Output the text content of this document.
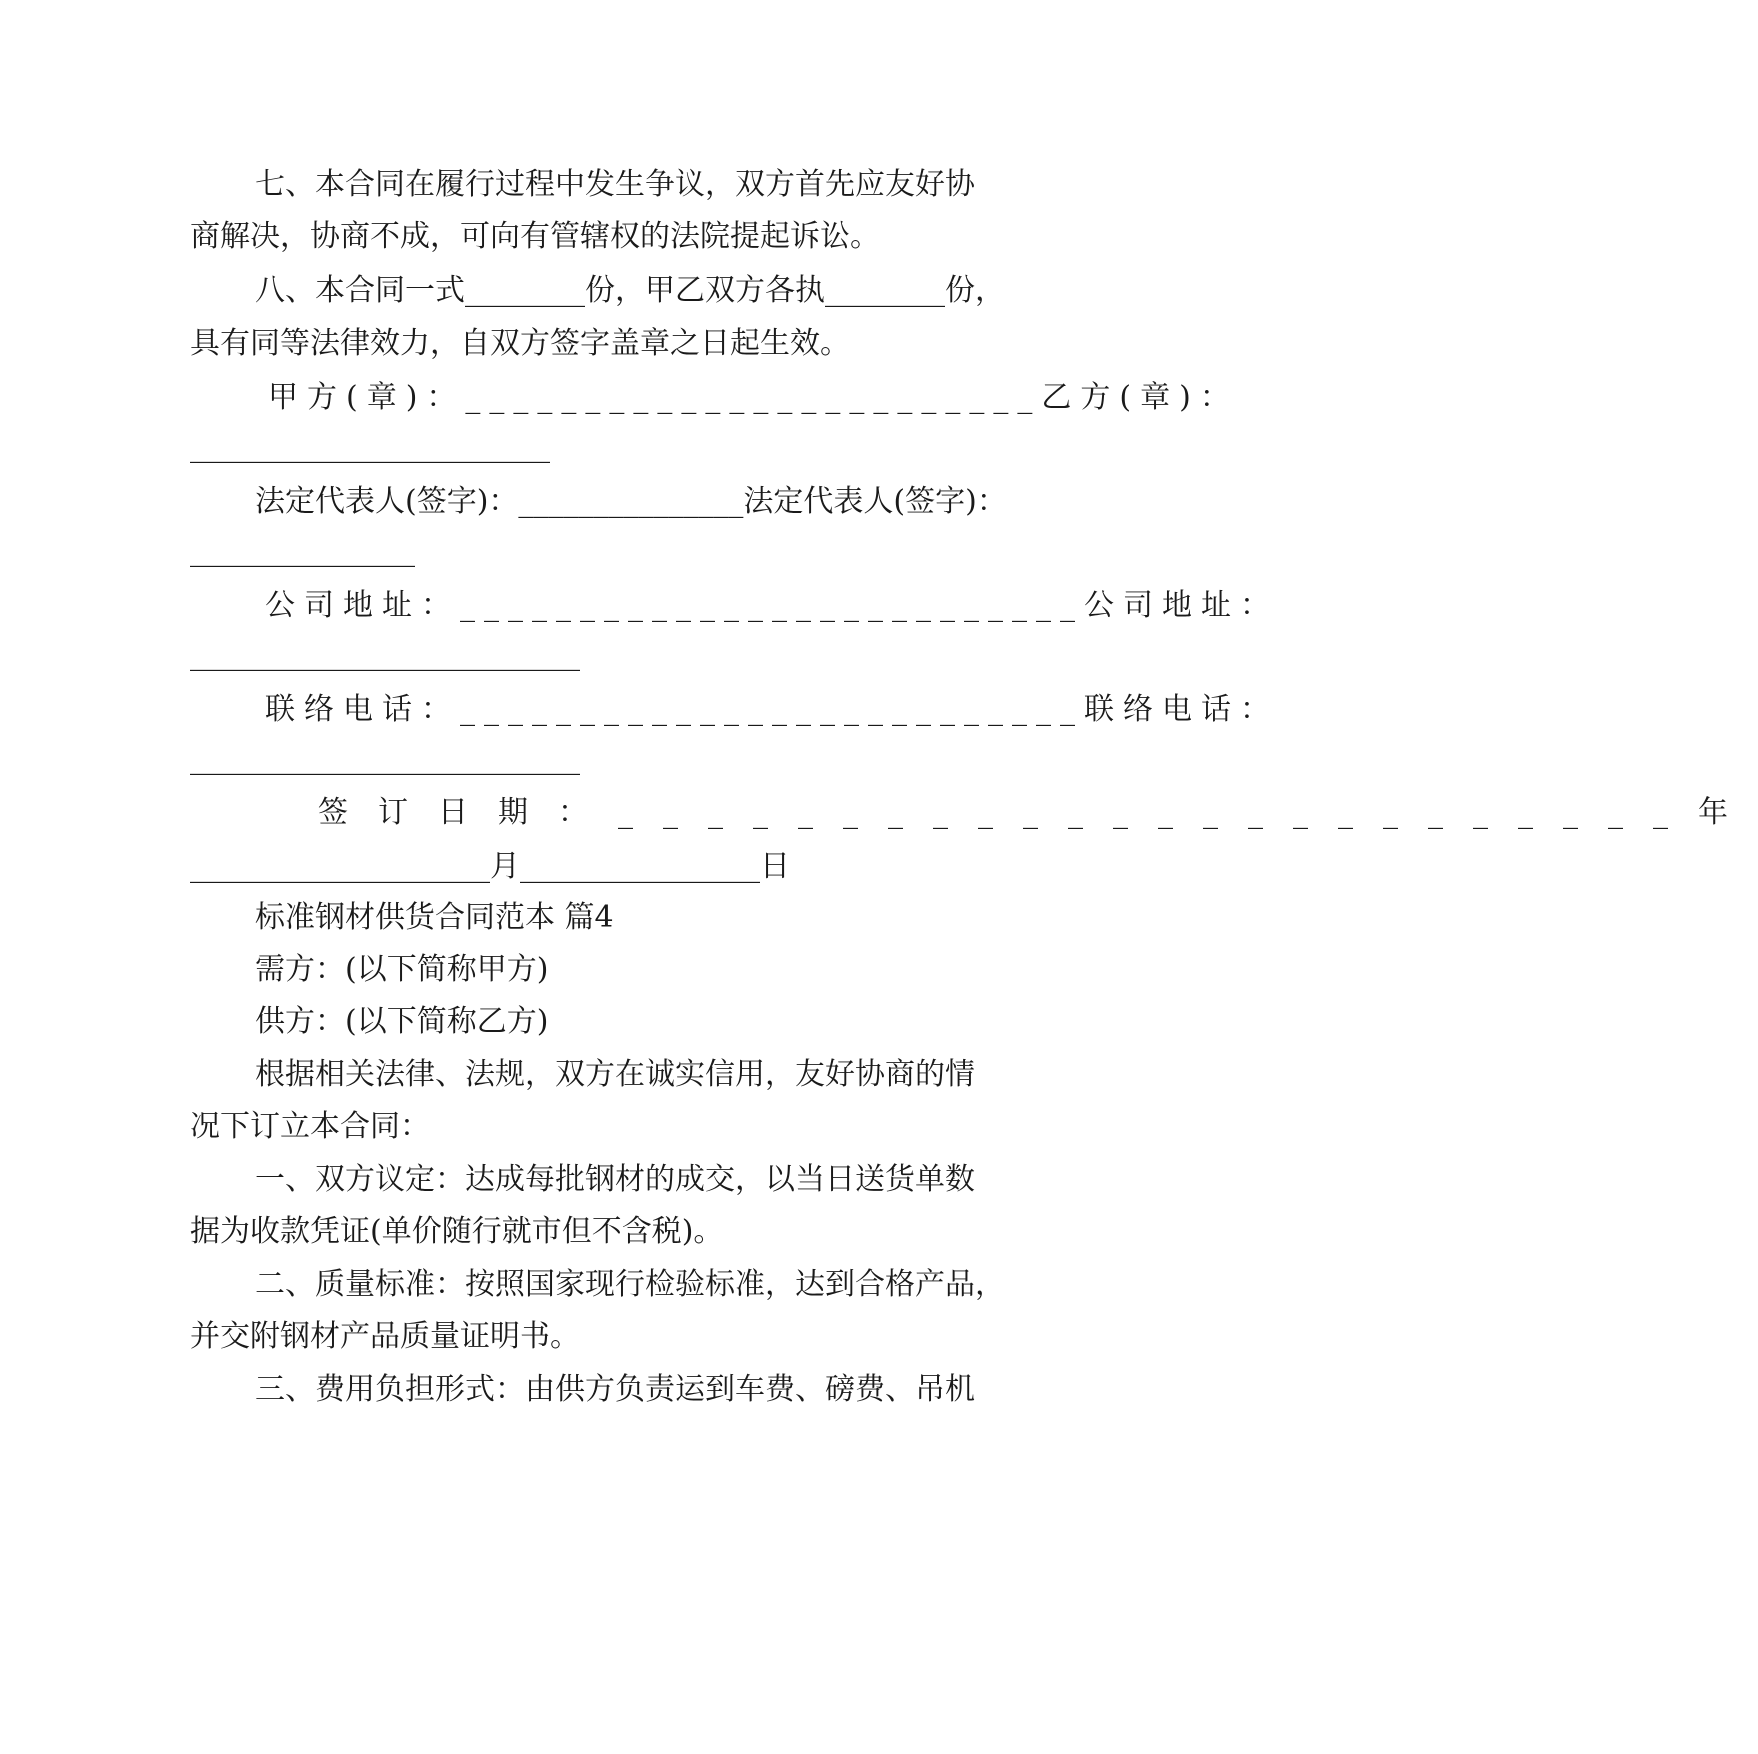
七、本合同在履行过程中发生争议，双方首先应友好协
商解决，协商不成，可向有管辖权的法院提起诉讼。
八、本合同一式________份，甲乙双方各执________份，
具有同等法律效力，自双方签字盖章之日起生效。
甲方(章)：________________________乙方(章)：
________________________
法定代表人(签字)：_______________法定代表人(签字)：
_______________
公司地址：__________________________公司地址：
__________________________
联络电话：__________________________联络电话：
__________________________
签订日期：________________________年
____________________月________________日
标准钢材供货合同范本 篇4
需方：(以下简称甲方)
供方：(以下简称乙方)
根据相关法律、法规，双方在诚实信用，友好协商的情
况下订立本合同：
一、双方议定：达成每批钢材的成交，以当日送货单数
据为收款凭证(单价随行就市但不含税)。
二、质量标准：按照国家现行检验标准，达到合格产品，
并交附钢材产品质量证明书。
三、费用负担形式：由供方负责运到车费、磅费、吊机
